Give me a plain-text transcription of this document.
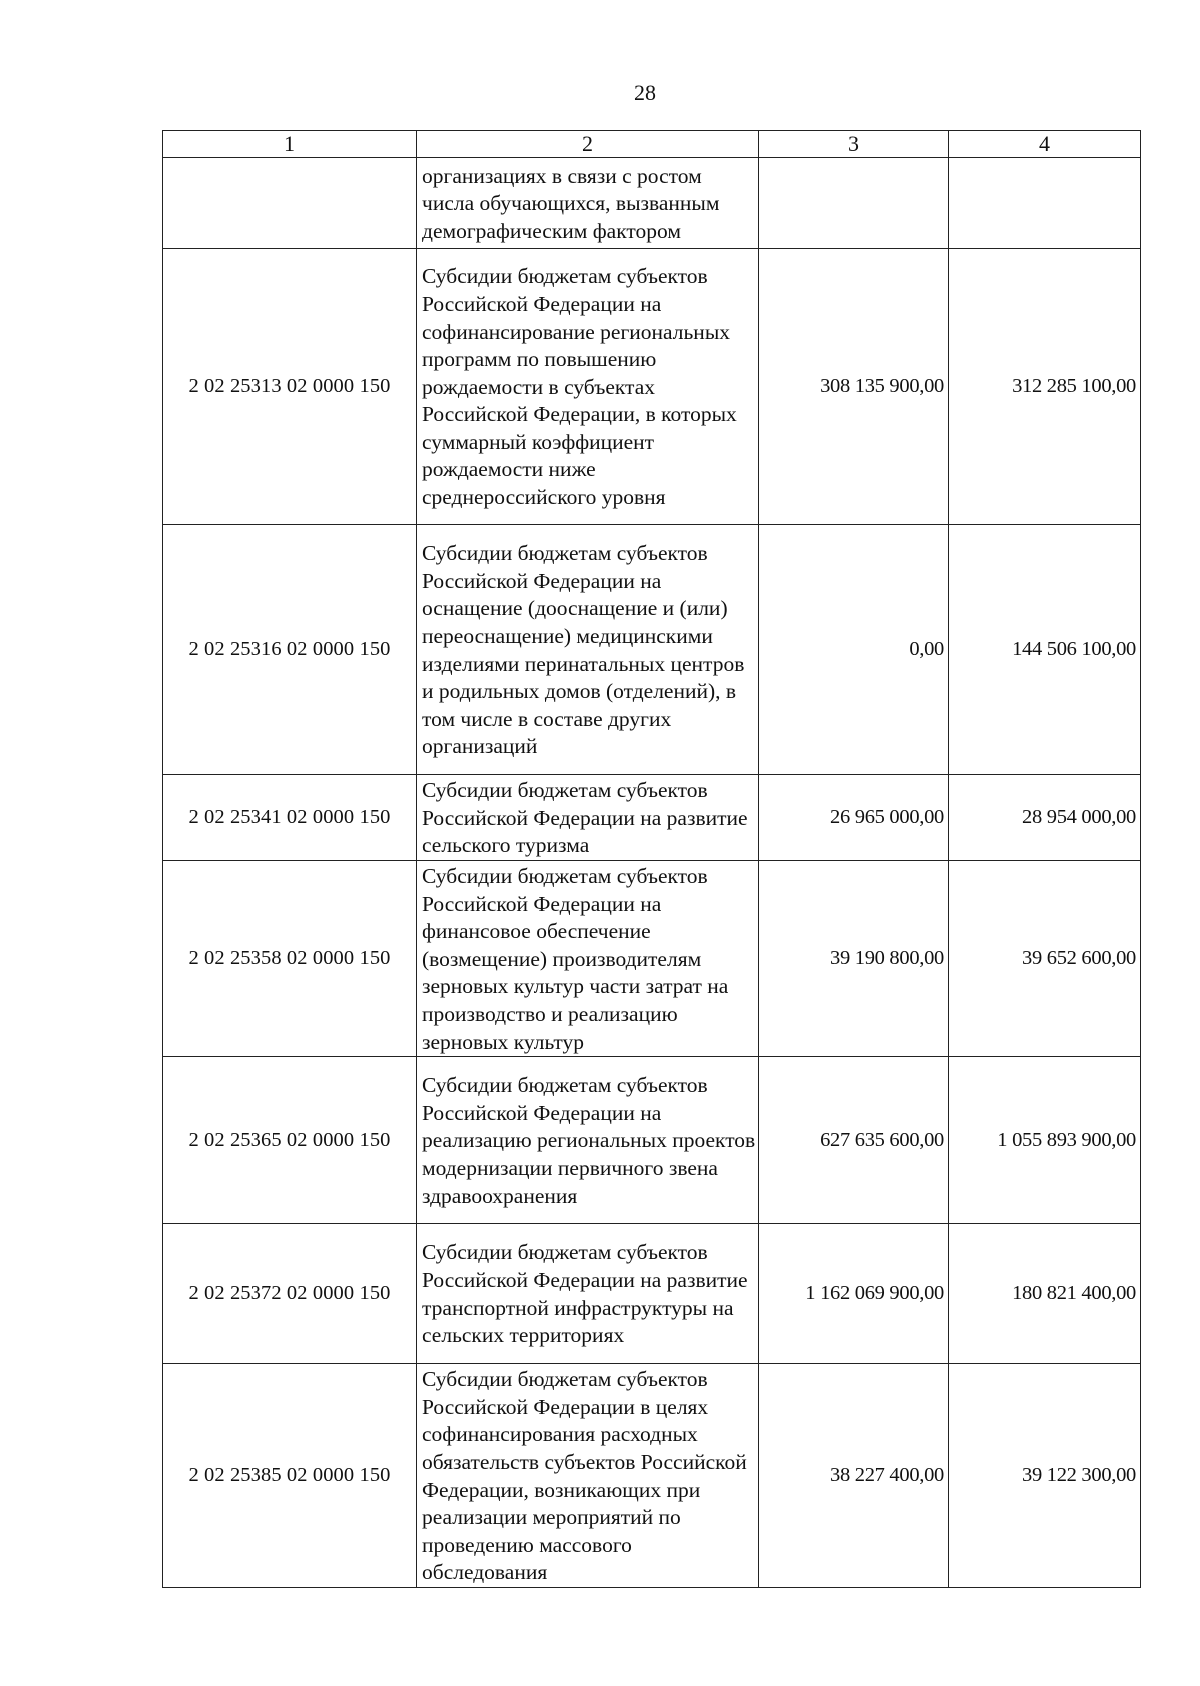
28
1	2	3	4
	организациях в связи с ростом числа обучающихся, вызванным демографическим фактором		
2 02 25313 02 0000 150	Субсидии бюджетам субъектов Российской Федерации на софинансирование региональных программ по повышению рождаемости в субъектах Российской Федерации, в которых суммарный коэффициент рождаемости ниже среднероссийского уровня	308 135 900,00	312 285 100,00
2 02 25316 02 0000 150	Субсидии бюджетам субъектов Российской Федерации на оснащение (дооснащение и (или) переоснащение) медицинскими изделиями перинатальных центров и родильных домов (отделений), в том числе в составе других организаций	0,00	144 506 100,00
2 02 25341 02 0000 150	Субсидии бюджетам субъектов Российской Федерации на развитие сельского туризма	26 965 000,00	28 954 000,00
2 02 25358 02 0000 150	Субсидии бюджетам субъектов Российской Федерации на финансовое обеспечение (возмещение) производителям зерновых культур части затрат на производство и реализацию зерновых культур	39 190 800,00	39 652 600,00
2 02 25365 02 0000 150	Субсидии бюджетам субъектов Российской Федерации на реализацию региональных проектов модернизации первичного звена здравоохранения	627 635 600,00	1 055 893 900,00
2 02 25372 02 0000 150	Субсидии бюджетам субъектов Российской Федерации на развитие транспортной инфраструктуры на сельских территориях	1 162 069 900,00	180 821 400,00
2 02 25385 02 0000 150	Субсидии бюджетам субъектов Российской Федерации в целях софинансирования расходных обязательств субъектов Российской Федерации, возникающих при реализации мероприятий по проведению массового обследования	38 227 400,00	39 122 300,00
